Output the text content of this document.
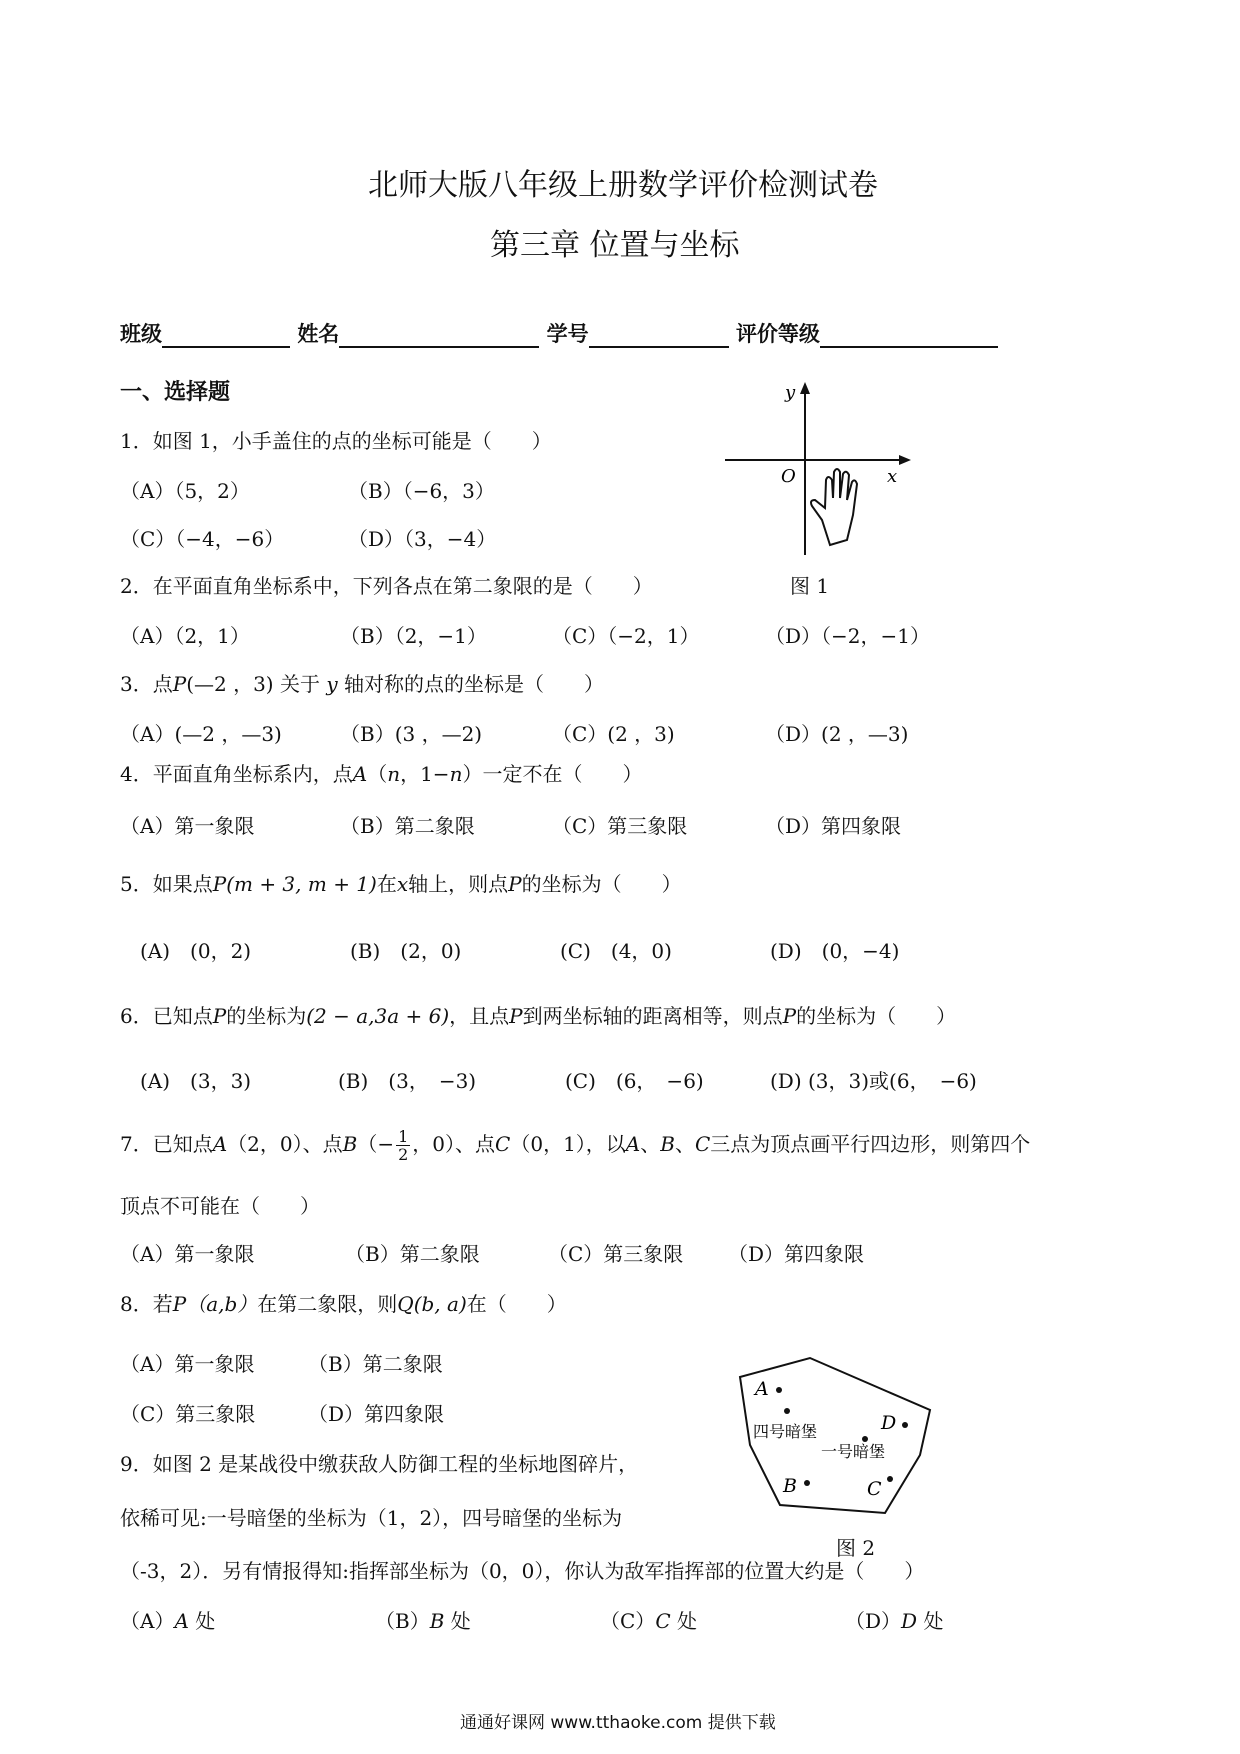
北师大版八年级上册数学评价检测试卷
第三章 位置与坐标
班级	姓名	学号	评价等级
一、选择题
1．如图 1，小手盖住的点的坐标可能是（　　）
（A）（5，2）	（B）（−6，3）
（C）（−4，−6）	（D）（3，−4）
y
x
O
图 1
2．在平面直角坐标系中，下列各点在第二象限的是（　　）
（A）（2，1）	（B）（2，−1）	（C）（−2，1）	（D）（−2，−1）
3．点P(—2 ，3) 关于 y 轴对称的点的坐标是（　　）
（A）(—2 ，—3)	（B）(3 ，—2)	（C）(2 ，3)	（D）(2 ，—3)
4．平面直角坐标系内，点A（n，1−n）一定不在（　　）
（A）第一象限	（B）第二象限	（C）第三象限	（D）第四象限
5．如果点P(m + 3, m + 1)在x轴上，则点P的坐标为（　　）
(A)　(0，2)	(B)　(2，0)	(C)　(4，0)	(D)　(0，−4)
6．已知点P的坐标为(2 − a,3a + 6)，且点P到两坐标轴的距离相等，则点P的坐标为（　　）
(A)　(3，3)	(B)　(3，　−3)	(C)　(6，　−6)	(D) (3，3)或(6，　−6)
7．已知点A（2，0）、点$B(- \frac{1}{2}$ ，0）、点C（0，1），以A、B、C三点为顶点画平行四边形，则第四个
顶点不可能在（　　）
（A）第一象限	（B）第二象限	（C）第三象限 （D）第四象限
8．若P（a,b）在第二象限，则Q(b, a)在（　　）
（A）第一象限	（B）第二象限
（C）第三象限	（D）第四象限
A
四号暗堡	D
一号暗堡
B	C
图 2
9．如图 2 是某战役中缴获敌人防御工程的坐标地图碎片，
依稀可见:一号暗堡的坐标为（1，2），四号暗堡的坐标为
（-3，2）．另有情报得知:指挥部坐标为（0，0），你认为敌军指挥部的位置大约是（　　）
（A）A 处	（B）B 处	（C）C 处	（D）D 处
通通好课网 www.tthaoke.com 提供下载
